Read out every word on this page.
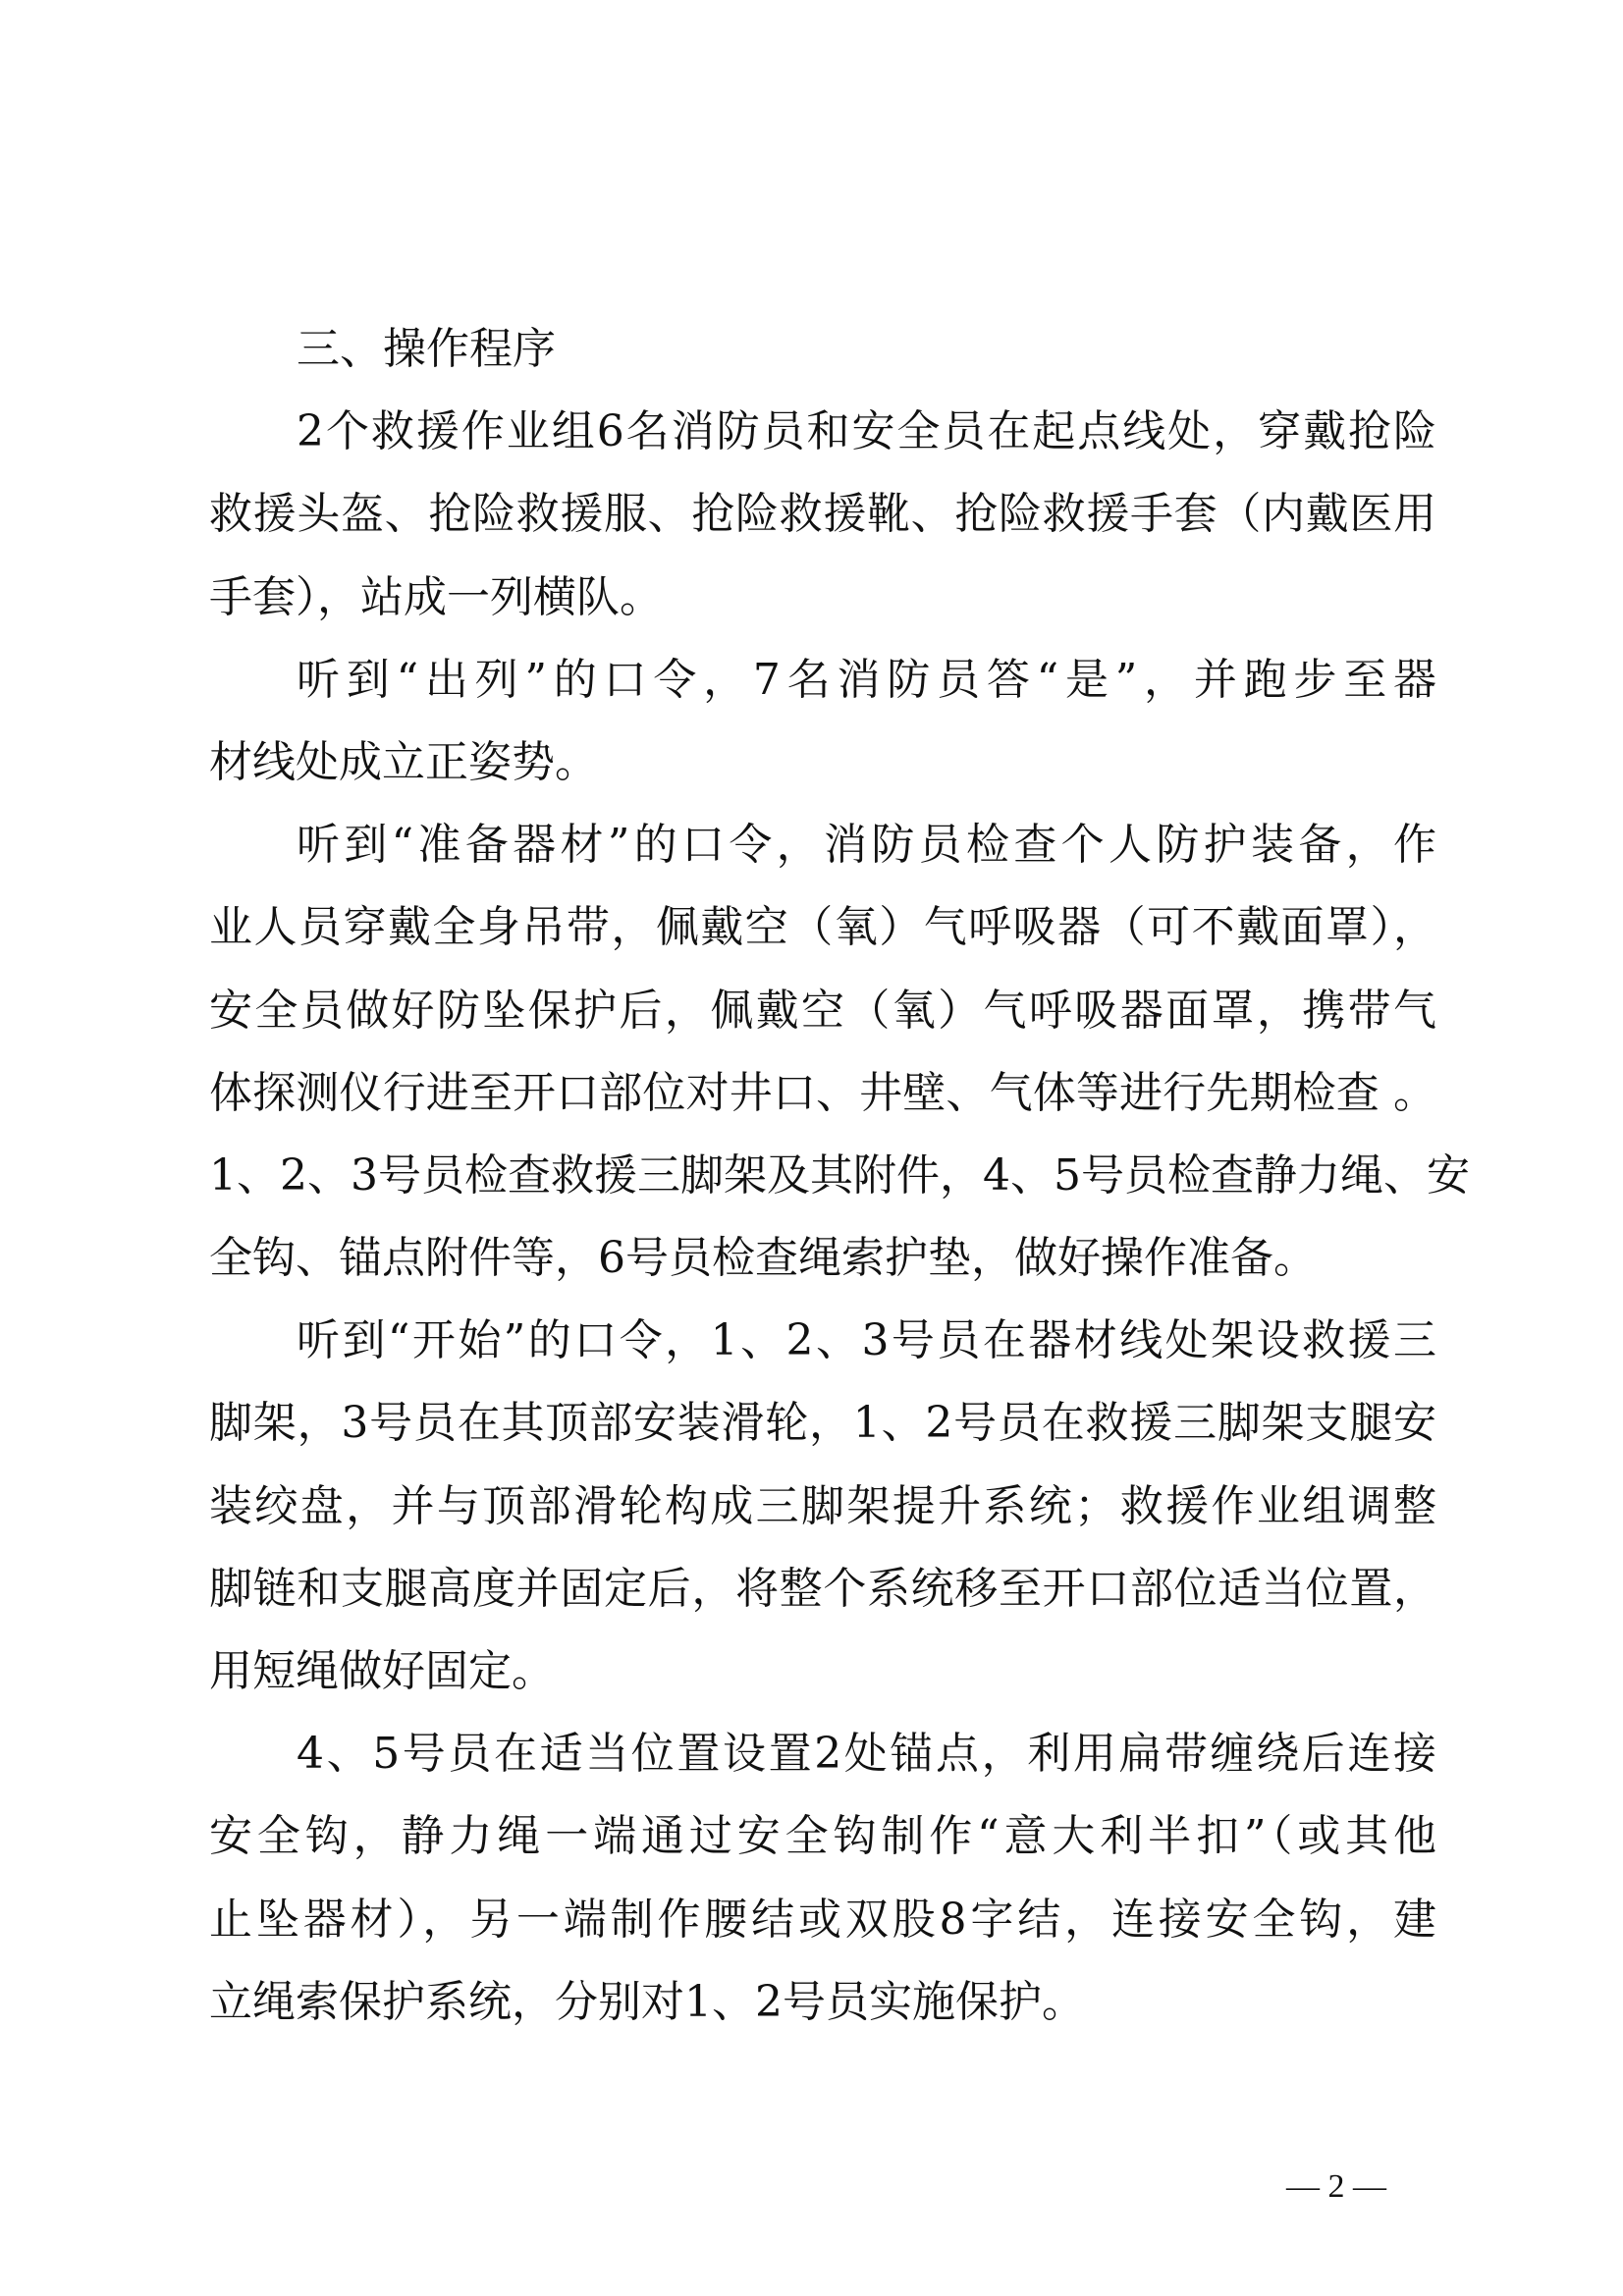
三、操作程序
2个救援作业组6名消防员和安全员在起点线处，穿戴抢险
救援头盔、抢险救援服、抢险救援靴、抢险救援手套（内戴医用
手套），站成一列横队。
听到“出列”的口令，7名消防员答“是”，并跑步至器
材线处成立正姿势。
听到“准备器材”的口令，消防员检查个人防护装备，作
业人员穿戴全身吊带，佩戴空（氧）气呼吸器（可不戴面罩），
安全员做好防坠保护后，佩戴空（氧）气呼吸器面罩，携带气
体探测仪行进至开口部位对井口、井壁、气体等进行先期检查 。
1、2、3号员检查救援三脚架及其附件，4、5号员检查静力绳、安
全钩、锚点附件等，6号员检查绳索护垫，做好操作准备。
听到“开始”的口令，1、2、3号员在器材线处架设救援三
脚架，3号员在其顶部安装滑轮，1、2号员在救援三脚架支腿安
装绞盘，并与顶部滑轮构成三脚架提升系统；救援作业组调整
脚链和支腿高度并固定后，将整个系统移至开口部位适当位置，
用短绳做好固定。
4、5号员在适当位置设置2处锚点，利用扁带缠绕后连接
安全钩，静力绳一端通过安全钩制作“意大利半扣”（或其他
止坠器材），另一端制作腰结或双股8字结，连接安全钩，建
立绳索保护系统，分别对1、2号员实施保护。
— 2 —
